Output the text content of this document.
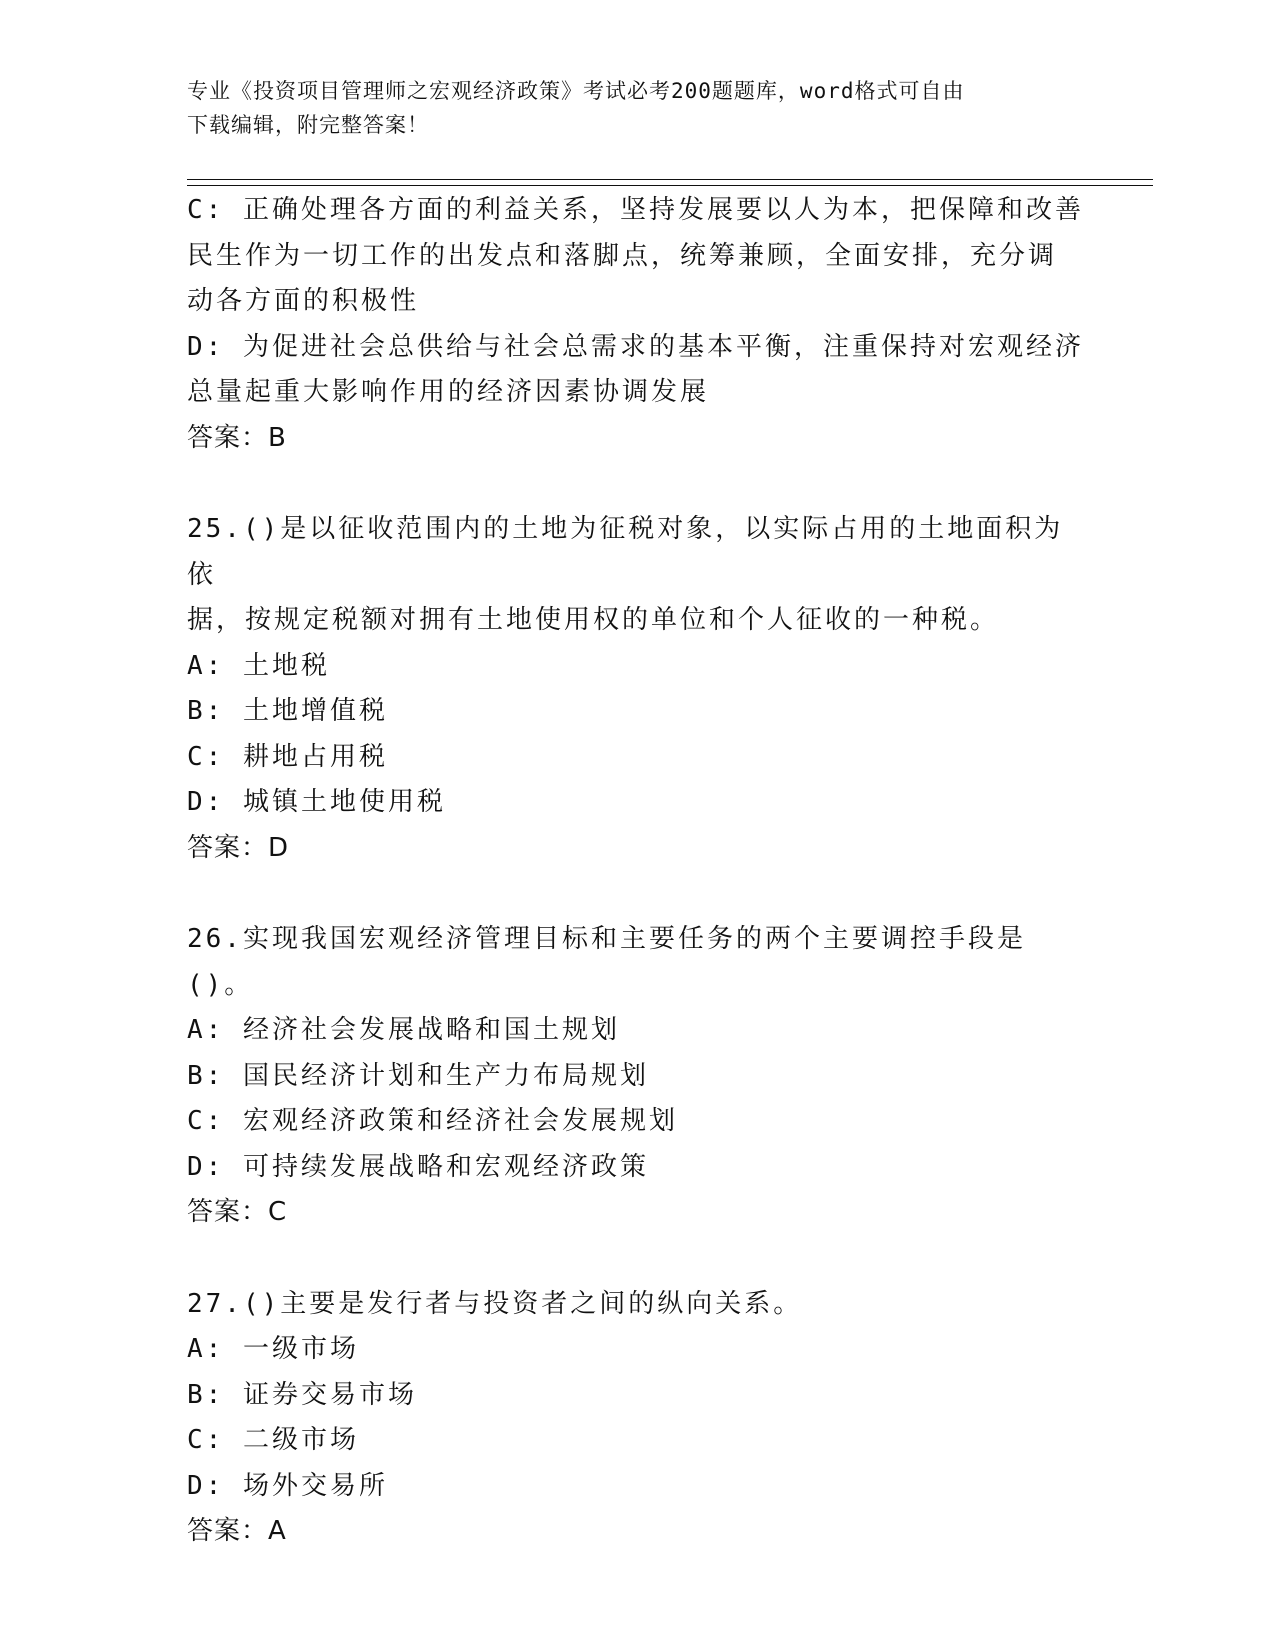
专业《投资项目管理师之宏观经济政策》考试必考200题题库，word格式可自由
下载编辑，附完整答案！

C: 正确处理各方面的利益关系，坚持发展要以人为本，把保障和改善

民生作为一切工作的出发点和落脚点，统筹兼顾，全面安排，充分调

动各方面的积极性

D: 为促进社会总供给与社会总需求的基本平衡，注重保持对宏观经济

总量起重大影响作用的经济因素协调发展

答案：B

25.()是以征收范围内的土地为征税对象，以实际占用的土地面积为依

据，按规定税额对拥有土地使用权的单位和个人征收的一种税。

A: 土地税

B: 土地增值税

C: 耕地占用税

D: 城镇土地使用税

答案：D

26.实现我国宏观经济管理目标和主要任务的两个主要调控手段是()。

A: 经济社会发展战略和国土规划

B: 国民经济计划和生产力布局规划

C: 宏观经济政策和经济社会发展规划

D: 可持续发展战略和宏观经济政策

答案：C

27.()主要是发行者与投资者之间的纵向关系。

A: 一级市场

B: 证券交易市场

C: 二级市场

D: 场外交易所

答案：A
